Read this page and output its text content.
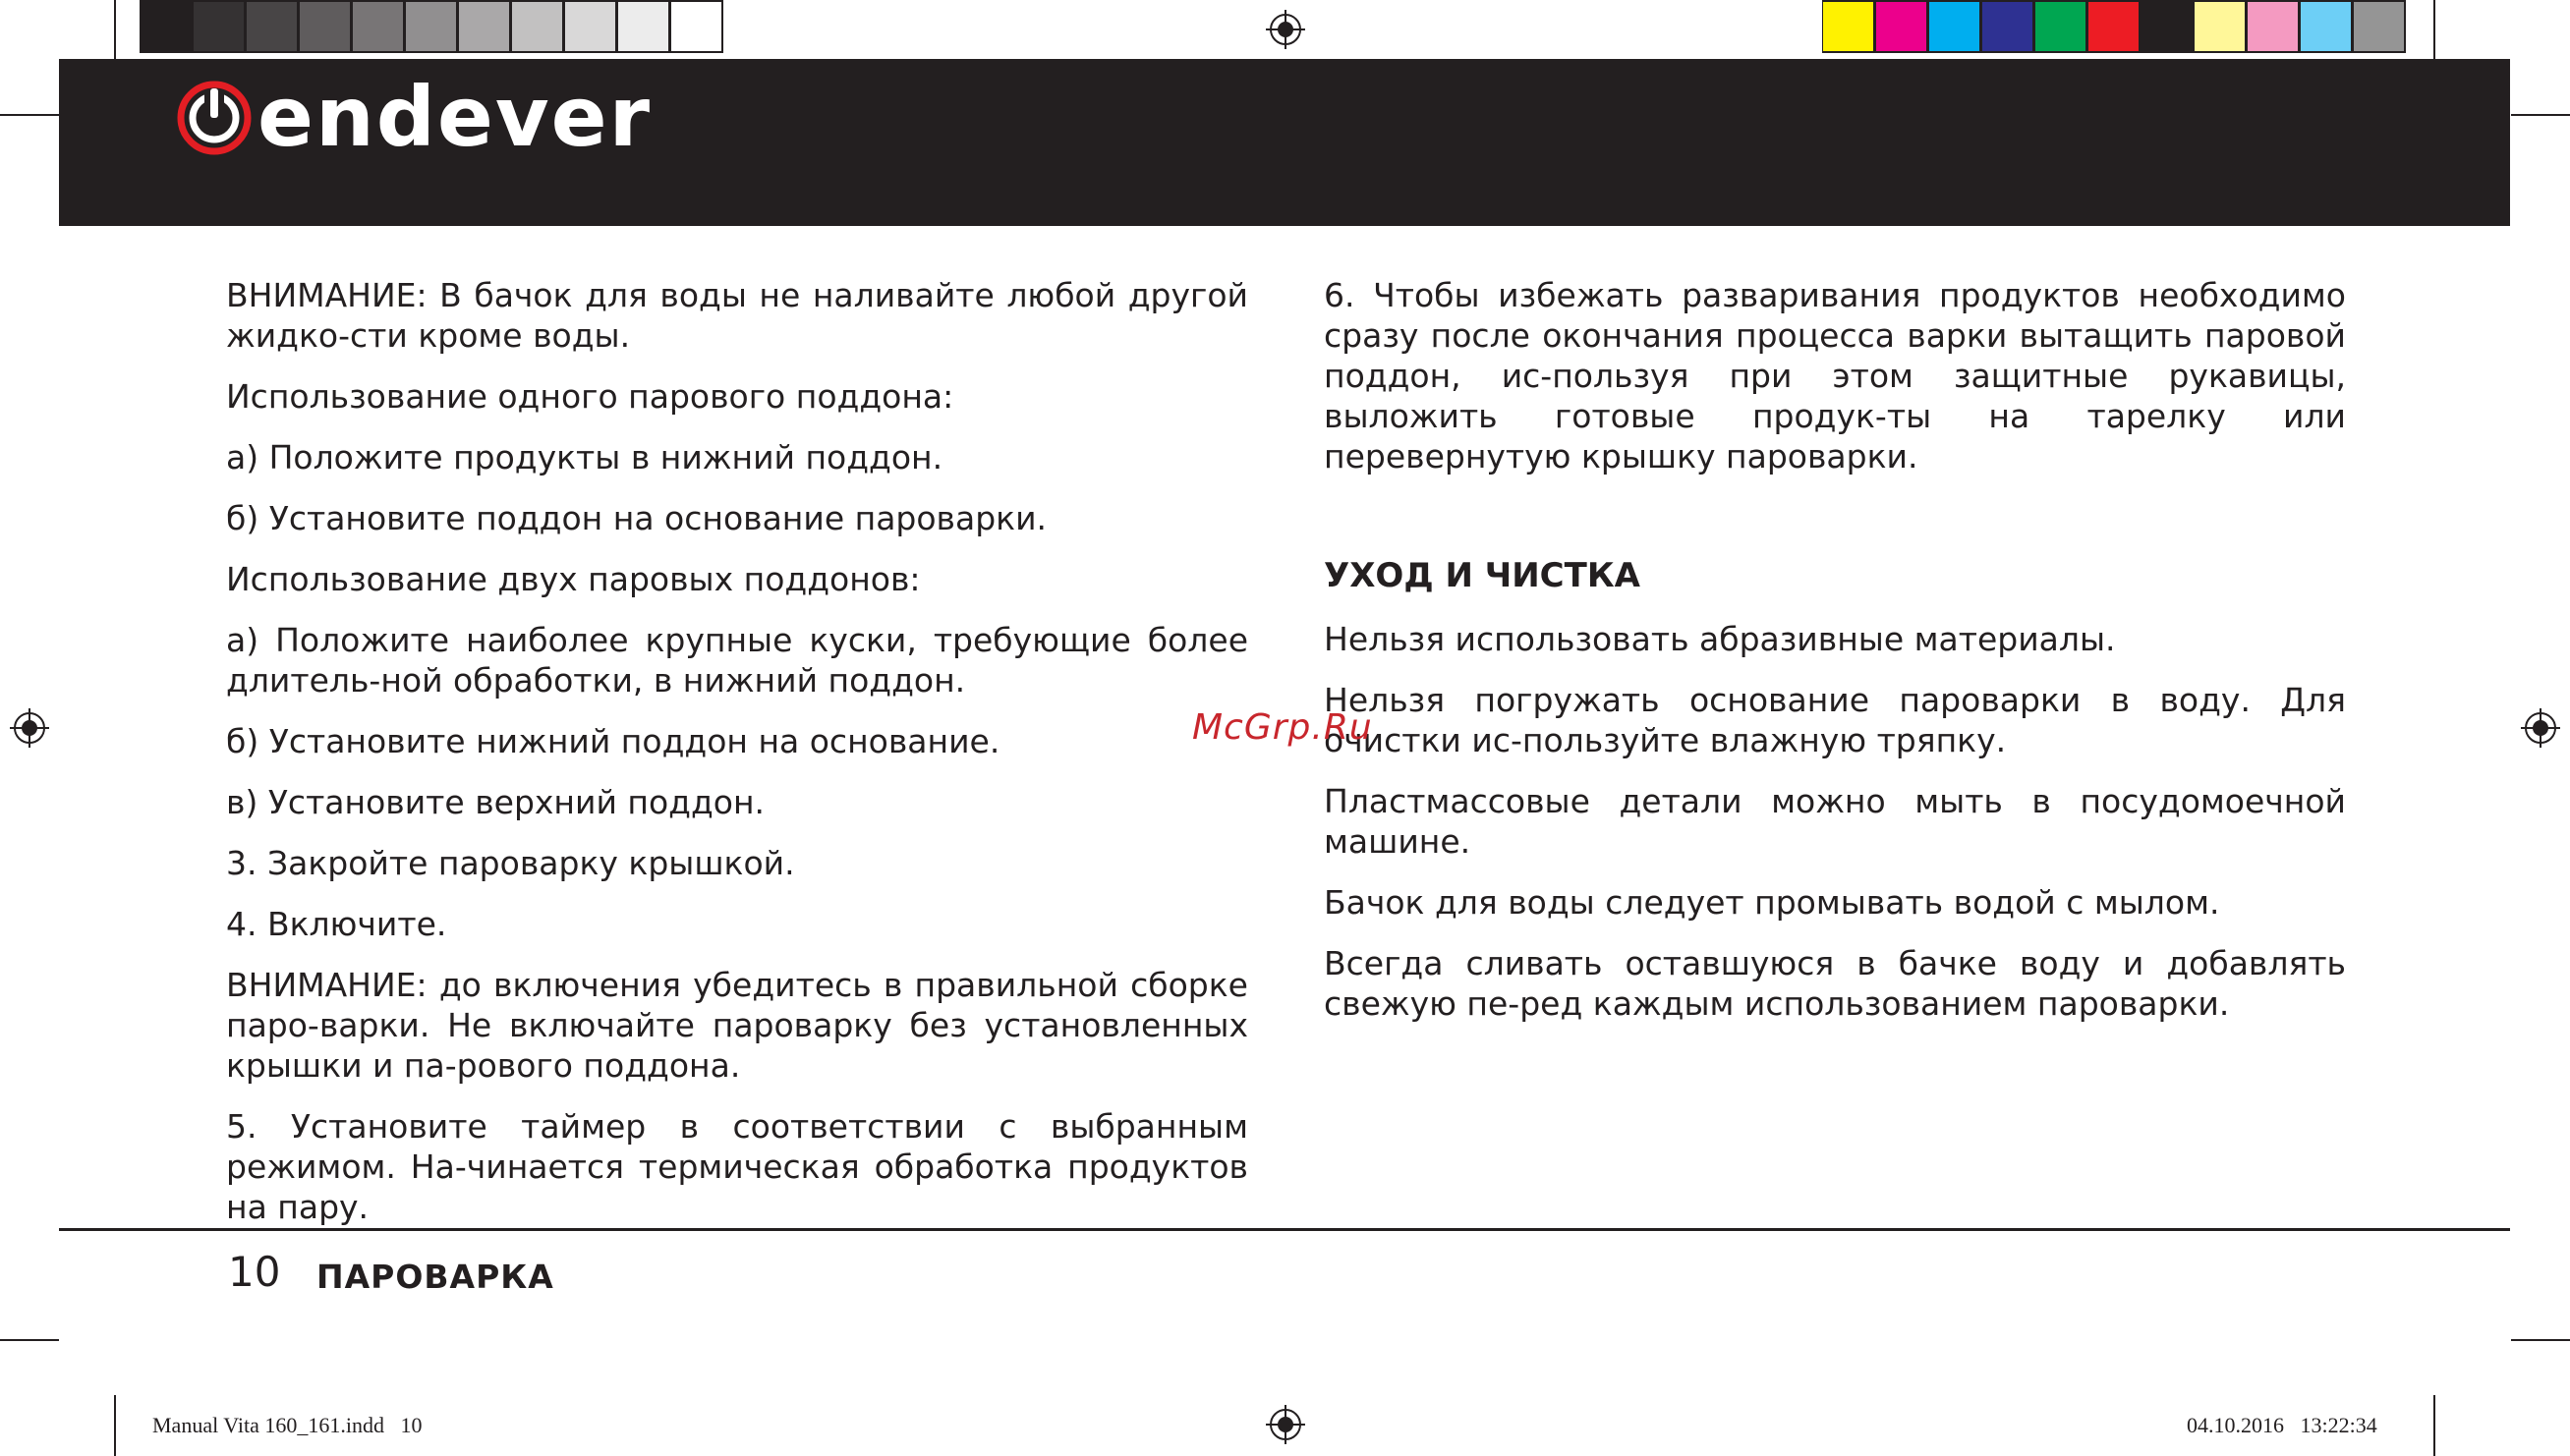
endever

ВНИМАНИЕ: В бачок для воды не наливайте любой другой жидко-сти кроме воды.

Использование одного парового поддона:

а) Положите продукты в нижний поддон.

б) Установите поддон на основание пароварки.

Использование двух паровых поддонов:

а) Положите наиболее крупные куски, требующие более длитель-ной обработки, в нижний поддон.

б) Установите нижний поддон на основание.

в) Установите верхний поддон.

3. Закройте пароварку крышкой.

4. Включите.

ВНИМАНИЕ: до включения убедитесь в правильной сборке паро-варки. Не включайте пароварку без установленных крышки и па-рового поддона.

5. Установите таймер в соответствии с выбранным режимом. На-чинается термическая обработка продуктов на пару.

6. Чтобы избежать разваривания продуктов необходимо сразу после окончания процесса варки вытащить паровой поддон, ис-пользуя при этом защитные рукавицы, выложить готовые продук-ты на тарелку или перевернутую крышку пароварки.

УХОД И ЧИСТКА

Нельзя использовать абразивные материалы.

Нельзя погружать основание пароварки в воду. Для очистки ис-пользуйте влажную тряпку.

Пластмассовые детали можно мыть в посудомоечной машине.

Бачок для воды следует промывать водой с мылом.

Всегда сливать оставшуюся в бачке воду и добавлять свежую пе-ред каждым использованием пароварки.

McGrp.Ru
10 ПАРОВАРКА
Manual Vita 160_161.indd   10	04.10.2016   13:22:34
